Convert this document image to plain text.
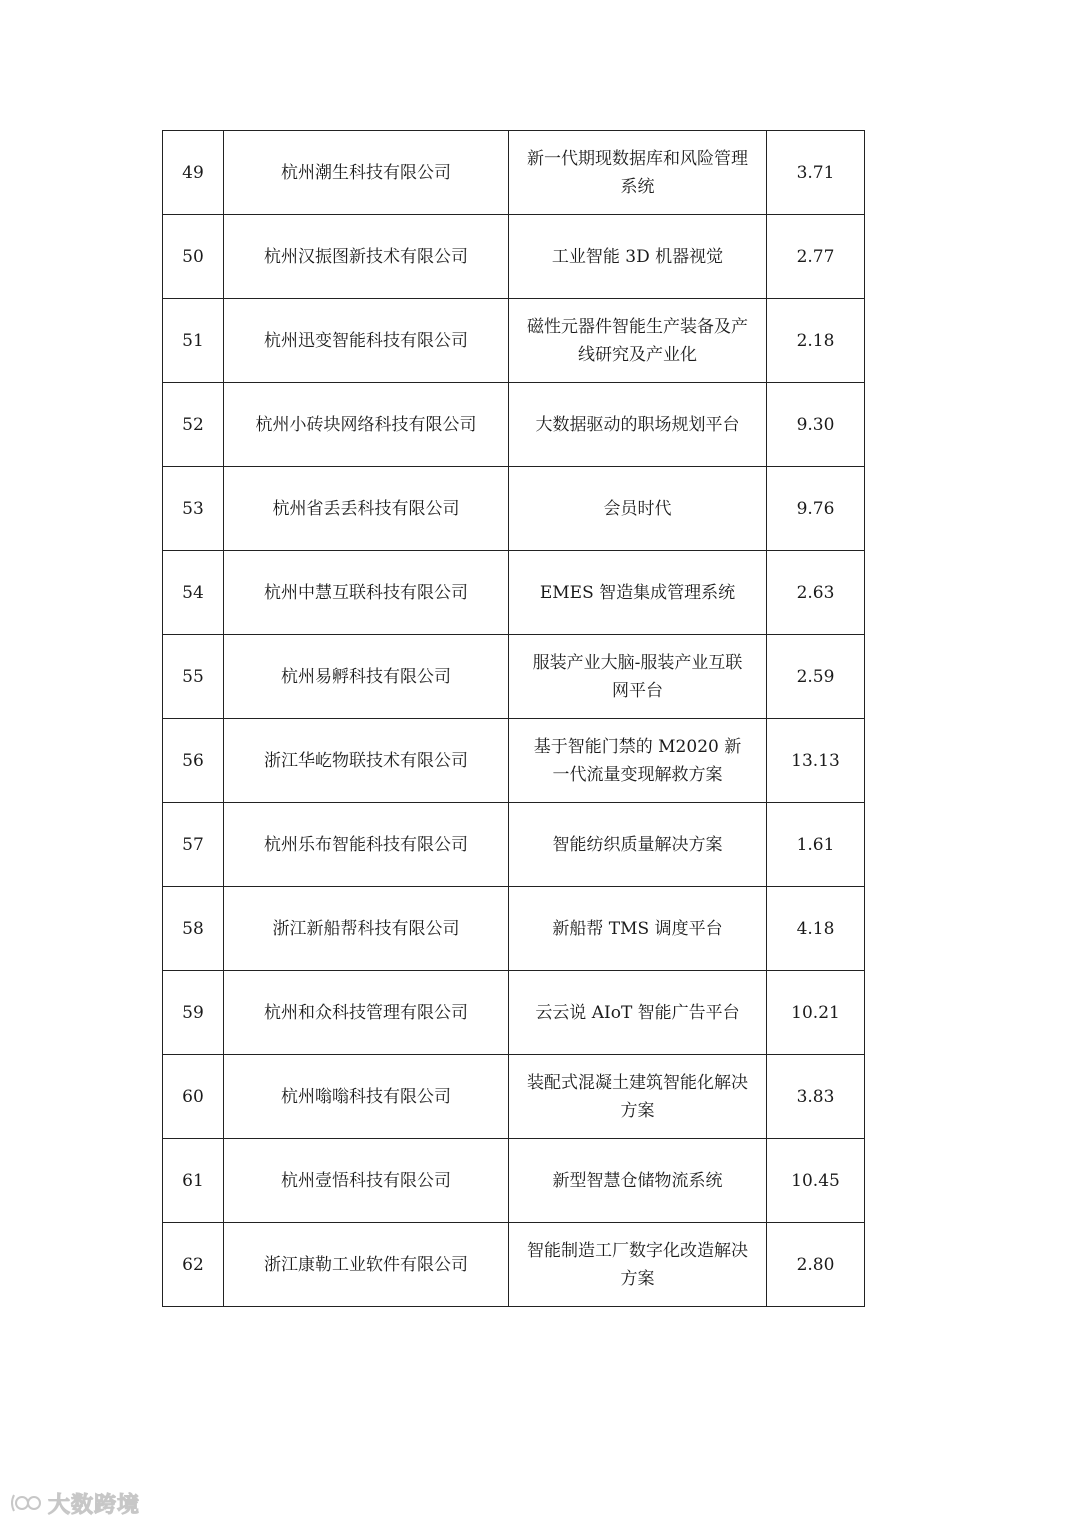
49	杭州潮生科技有限公司	新一代期现数据库和风险管理系统	3.71
50	杭州汉振图新技术有限公司	工业智能 3D 机器视觉	2.77
51	杭州迅变智能科技有限公司	磁性元器件智能生产装备及产线研究及产业化	2.18
52	杭州小砖块网络科技有限公司	大数据驱动的职场规划平台	9.30
53	杭州省丢丢科技有限公司	会员时代	9.76
54	杭州中慧互联科技有限公司	EMES 智造集成管理系统	2.63
55	杭州易孵科技有限公司	服装产业大脑-服装产业互联网平台	2.59
56	浙江华屹物联技术有限公司	基于智能门禁的 M2020 新一代流量变现解救方案	13.13
57	杭州乐布智能科技有限公司	智能纺织质量解决方案	1.61
58	浙江新船帮科技有限公司	新船帮 TMS 调度平台	4.18
59	杭州和众科技管理有限公司	云云说 AIoT 智能广告平台	10.21
60	杭州嗡嗡科技有限公司	装配式混凝土建筑智能化解决方案	3.83
61	杭州壹悟科技有限公司	新型智慧仓储物流系统	10.45
62	浙江康勒工业软件有限公司	智能制造工厂数字化改造解决方案	2.80
大数跨境
